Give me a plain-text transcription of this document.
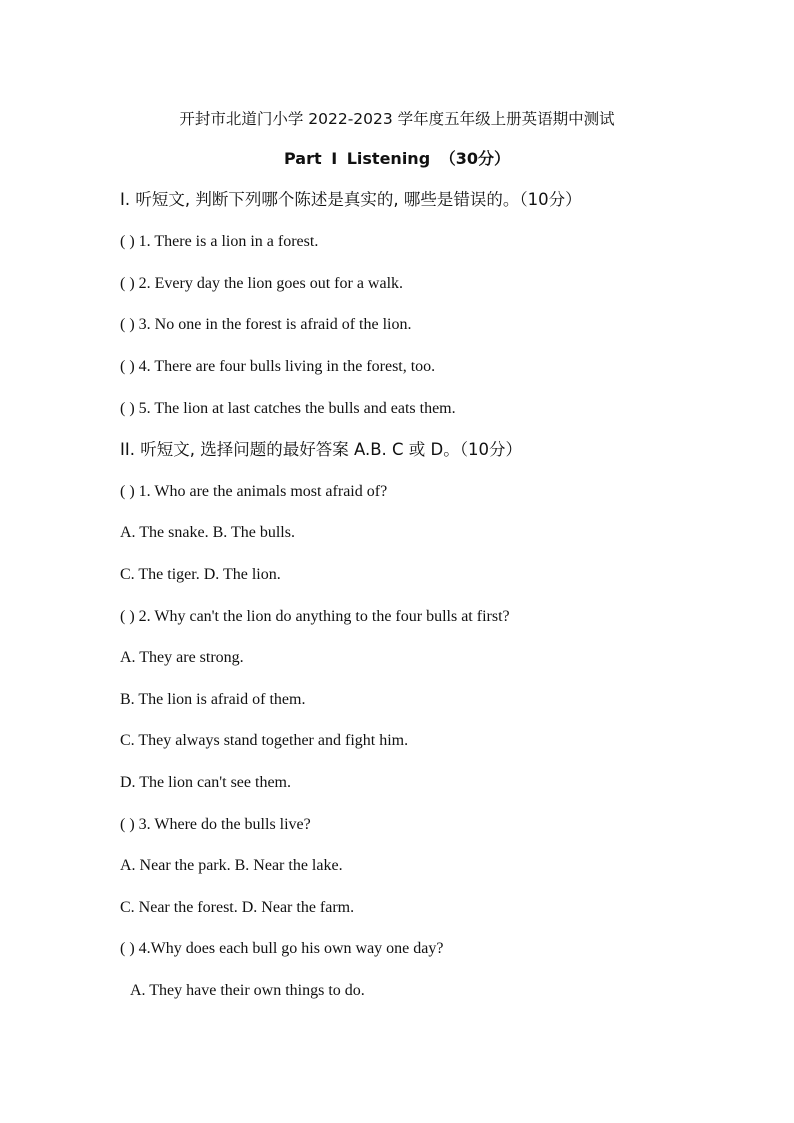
开封市北道门小学 2022-2023 学年度五年级上册英语期中测试
Part I Listening （30分）
I. 听短文, 判断下列哪个陈述是真实的, 哪些是错误的。（10分）
( ) 1. There is a lion in a forest.
( ) 2. Every day the lion goes out for a walk.
( ) 3. No one in the forest is afraid of the lion.
( ) 4. There are four bulls living in the forest, too.
( ) 5. The lion at last catches the bulls and eats them.
II. 听短文, 选择问题的最好答案 A.B. C 或 D。（10分）
( ) 1. Who are the animals most afraid of?
A. The snake. B. The bulls.
C. The tiger. D. The lion.
( ) 2. Why can't the lion do anything to the four bulls at first?
A. They are strong.
B. The lion is afraid of them.
C. They always stand together and fight him.
D. The lion can't see them.
( ) 3. Where do the bulls live?
A. Near the park. B. Near the lake.
C. Near the forest. D. Near the farm.
( ) 4.Why does each bull go his own way one day?
A. They have their own things to do.
